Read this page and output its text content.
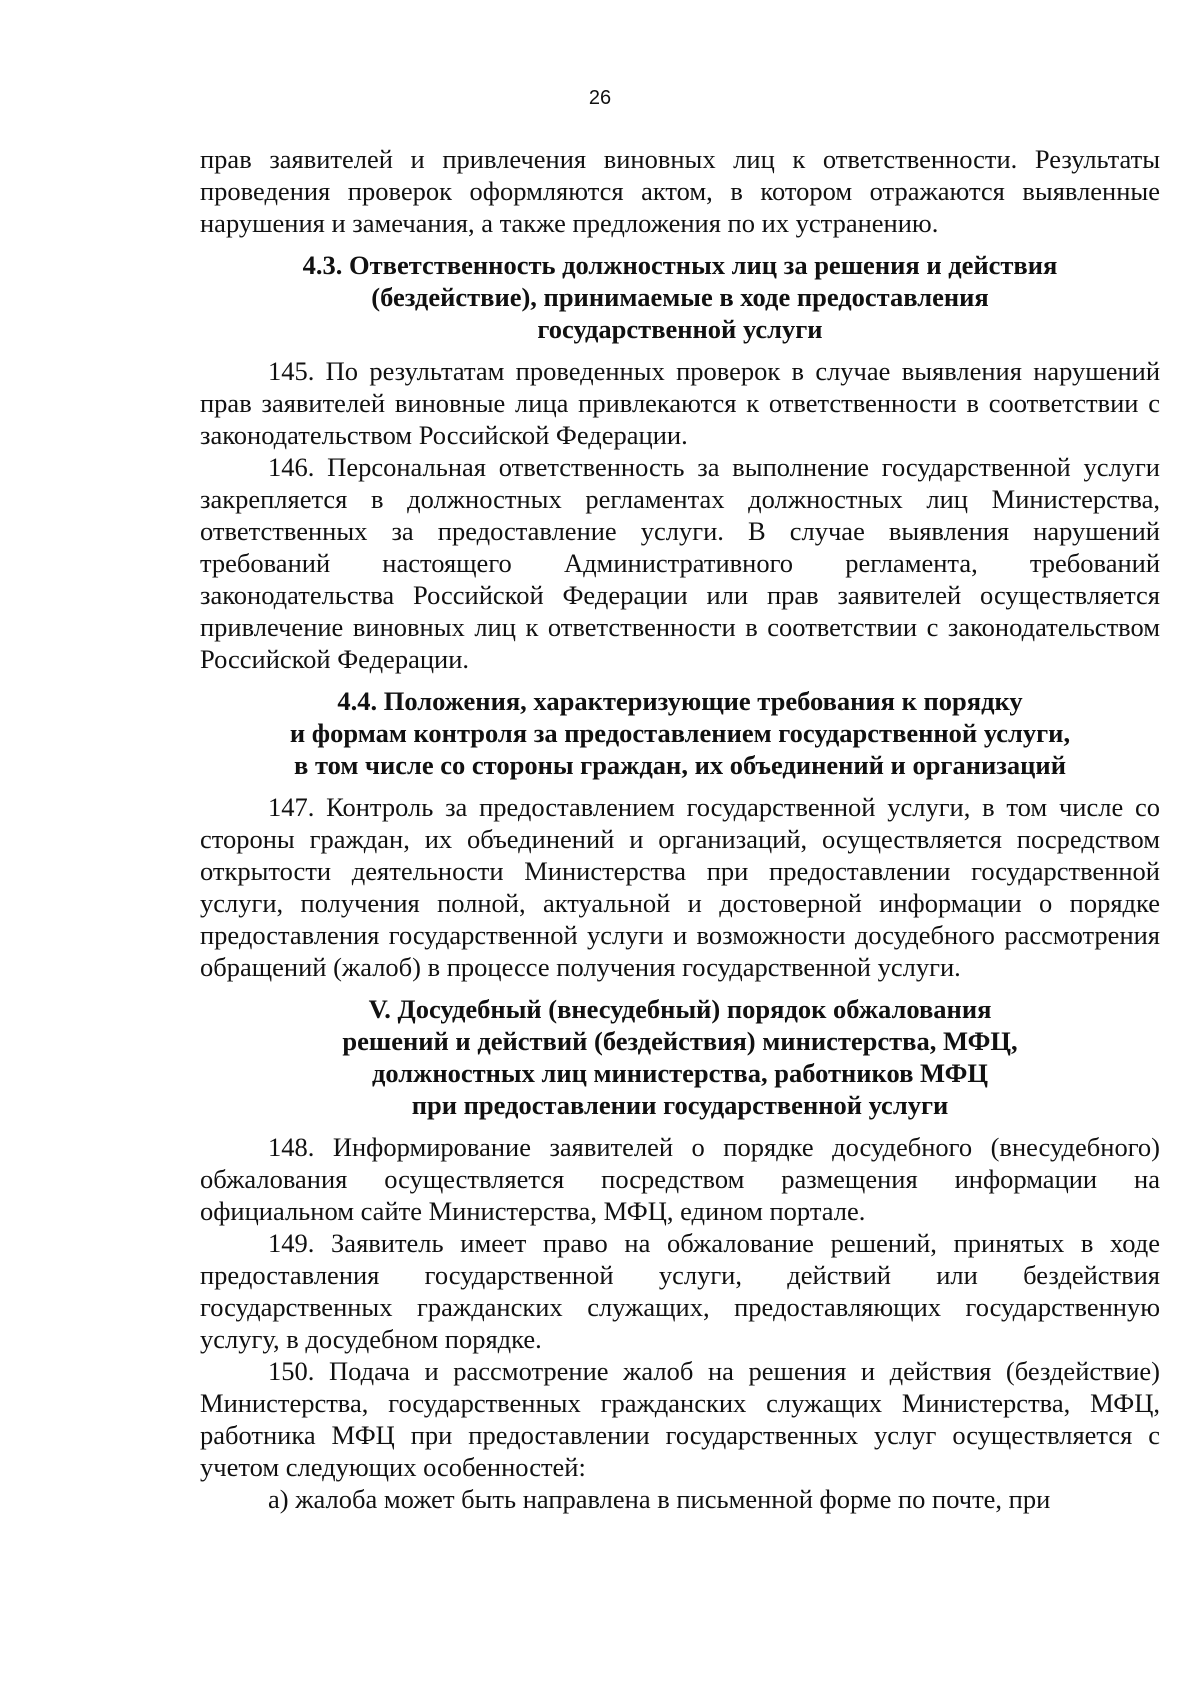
26

прав заявителей и привлечения виновных лиц к ответственности. Результаты проведения проверок оформляются актом, в котором отражаются выявленные нарушения и замечания, а также предложения по их устранению.

4.3. Ответственность должностных лиц за решения и действия
(бездействие), принимаемые в ходе предоставления
государственной услуги

145. По результатам проведенных проверок в случае выявления нарушений прав заявителей виновные лица привлекаются к ответственности в соответствии с законодательством Российской Федерации.

146. Персональная ответственность за выполнение государственной услуги закрепляется в должностных регламентах должностных лиц Министерства, ответственных за предоставление услуги. В случае выявления нарушений требований настоящего Административного регламента, требований законодательства Российской Федерации или прав заявителей осуществляется привлечение виновных лиц к ответственности в соответствии с законодательством Российской Федерации.

4.4. Положения, характеризующие требования к порядку
и формам контроля за предоставлением государственной услуги,
в том числе со стороны граждан, их объединений и организаций

147. Контроль за предоставлением государственной услуги, в том числе со стороны граждан, их объединений и организаций, осуществляется посредством открытости деятельности Министерства при предоставлении государственной услуги, получения полной, актуальной и достоверной информации о порядке предоставления государственной услуги и возможности досудебного рассмотрения обращений (жалоб) в процессе получения государственной услуги.

V. Досудебный (внесудебный) порядок обжалования
решений и действий (бездействия) министерства, МФЦ,
должностных лиц министерства, работников МФЦ
при предоставлении государственной услуги

148. Информирование заявителей о порядке досудебного (внесудебного) обжалования осуществляется посредством размещения информации на официальном сайте Министерства, МФЦ, едином портале.

149. Заявитель имеет право на обжалование решений, принятых в ходе предоставления государственной услуги, действий или бездействия государственных гражданских служащих, предоставляющих государственную услугу, в досудебном порядке.

150. Подача и рассмотрение жалоб на решения и действия (бездействие) Министерства, государственных гражданских служащих Министерства, МФЦ, работника МФЦ при предоставлении государственных услуг осуществляется с учетом следующих особенностей:

а) жалоба может быть направлена в письменной форме по почте, при
